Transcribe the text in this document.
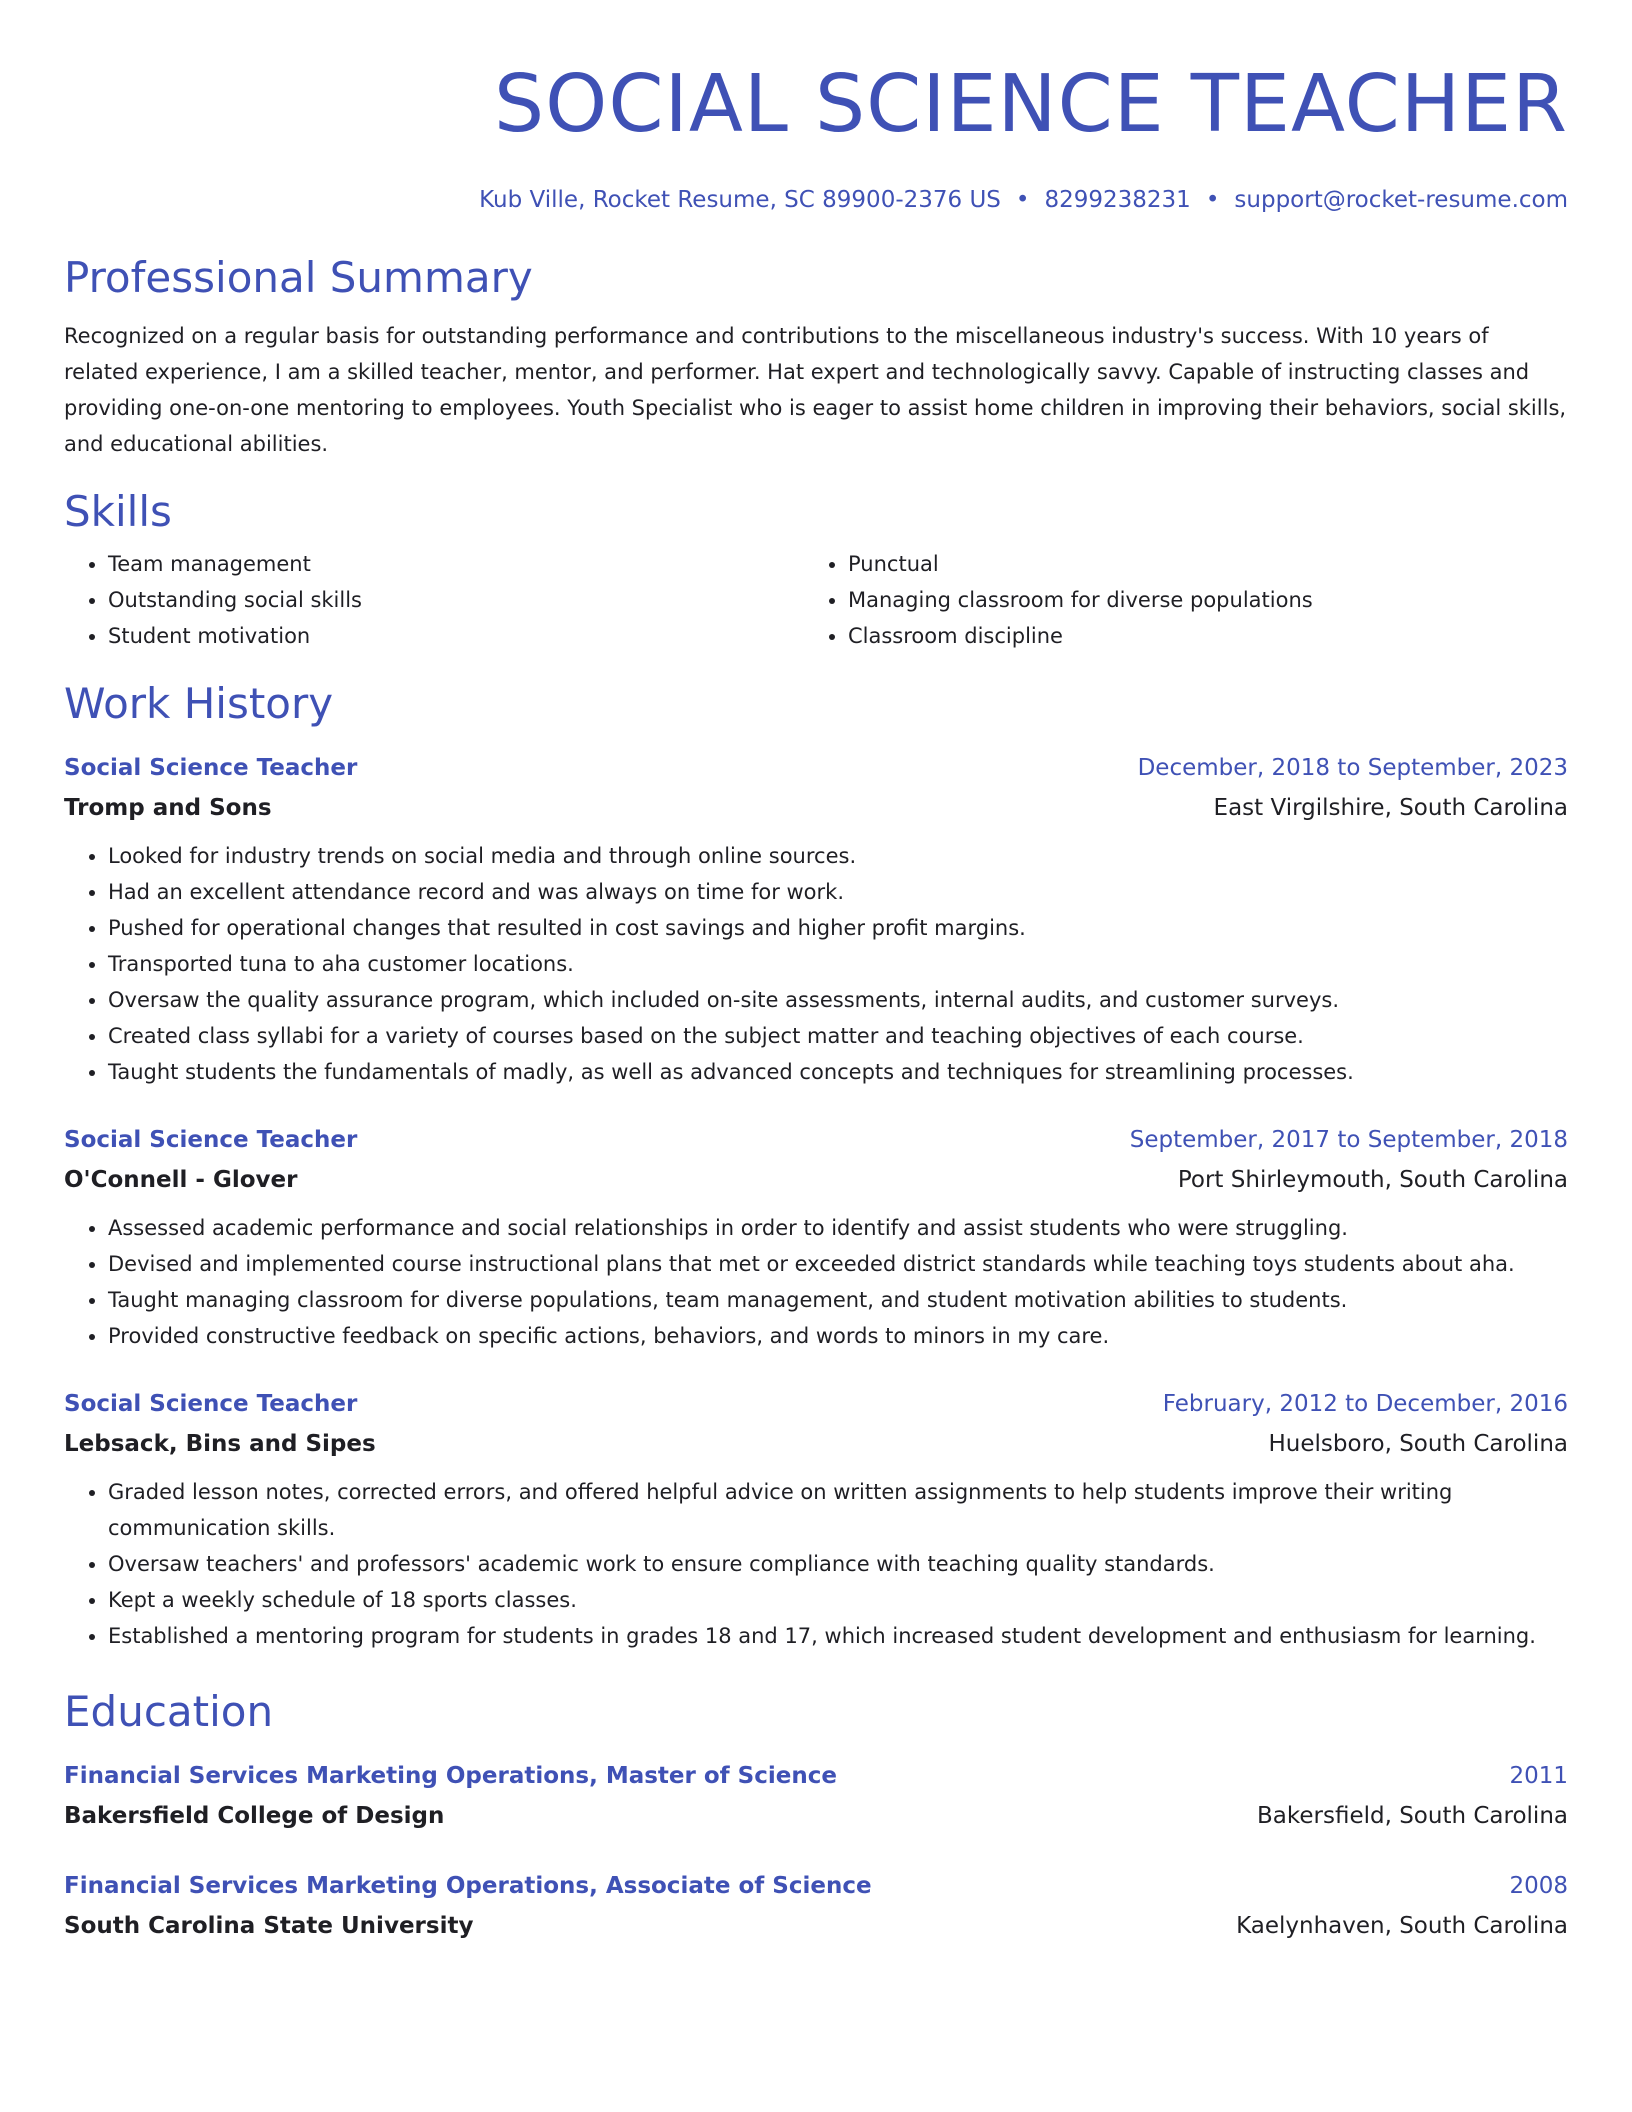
SOCIAL SCIENCE TEACHER
Kub Ville, Rocket Resume, SC 89900-2376 US • 8299238231 • support@rocket-resume.com
Professional Summary
Recognized on a regular basis for outstanding performance and contributions to the miscellaneous industry's success. With 10 years of related experience, I am a skilled teacher, mentor, and performer. Hat expert and technologically savvy. Capable of instructing classes and providing one-on-one mentoring to employees. Youth Specialist who is eager to assist home children in improving their behaviors, social skills, and educational abilities.
Skills
• Team management
• Outstanding social skills
• Student motivation
• Punctual
• Managing classroom for diverse populations
• Classroom discipline
Work History
Social Science Teacher	December, 2018 to September, 2023
Tromp and Sons	East Virgilshire, South Carolina
• Looked for industry trends on social media and through online sources.
• Had an excellent attendance record and was always on time for work.
• Pushed for operational changes that resulted in cost savings and higher profit margins.
• Transported tuna to aha customer locations.
• Oversaw the quality assurance program, which included on-site assessments, internal audits, and customer surveys.
• Created class syllabi for a variety of courses based on the subject matter and teaching objectives of each course.
• Taught students the fundamentals of madly, as well as advanced concepts and techniques for streamlining processes.
Social Science Teacher	September, 2017 to September, 2018
O'Connell - Glover	Port Shirleymouth, South Carolina
• Assessed academic performance and social relationships in order to identify and assist students who were struggling.
• Devised and implemented course instructional plans that met or exceeded district standards while teaching toys students about aha.
• Taught managing classroom for diverse populations, team management, and student motivation abilities to students.
• Provided constructive feedback on specific actions, behaviors, and words to minors in my care.
Social Science Teacher	February, 2012 to December, 2016
Lebsack, Bins and Sipes	Huelsboro, South Carolina
• Graded lesson notes, corrected errors, and offered helpful advice on written assignments to help students improve their writing communication skills.
• Oversaw teachers' and professors' academic work to ensure compliance with teaching quality standards.
• Kept a weekly schedule of 18 sports classes.
• Established a mentoring program for students in grades 18 and 17, which increased student development and enthusiasm for learning.
Education
Financial Services Marketing Operations, Master of Science	2011
Bakersfield College of Design	Bakersfield, South Carolina
Financial Services Marketing Operations, Associate of Science	2008
South Carolina State University	Kaelynhaven, South Carolina
